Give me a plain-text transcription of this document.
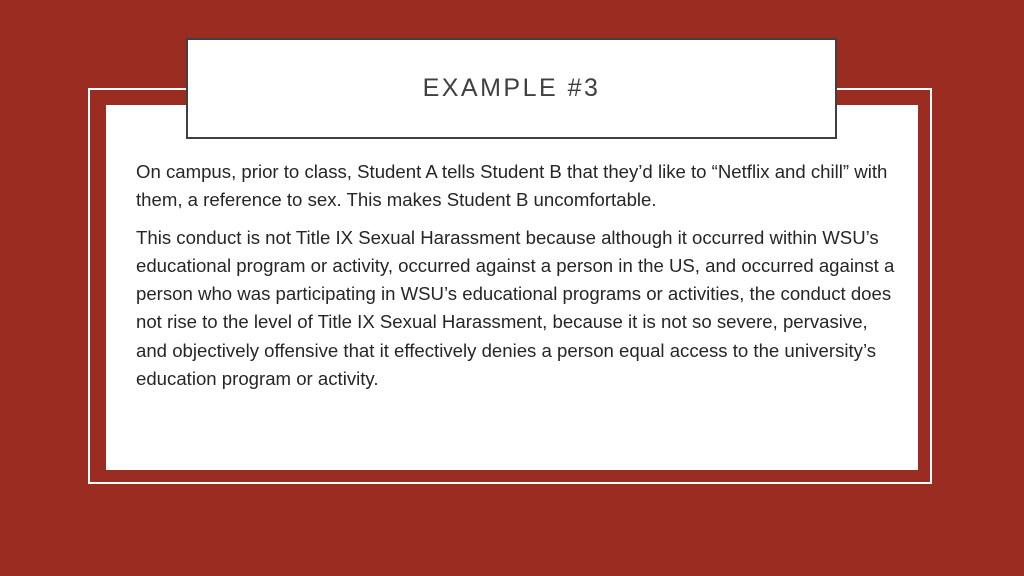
EXAMPLE #3

On campus, prior to class, Student A tells Student B that they’d like to “Netflix and chill” with them, a reference to sex. This makes Student B uncomfortable.

This conduct is not Title IX Sexual Harassment because although it occurred within WSU’s educational program or activity, occurred against a person in the US, and occurred against a person who was participating in WSU’s educational programs or activities, the conduct does not rise to the level of Title IX Sexual Harassment, because it is not so severe, pervasive, and objectively offensive that it effectively denies a person equal access to the university’s education program or activity.
